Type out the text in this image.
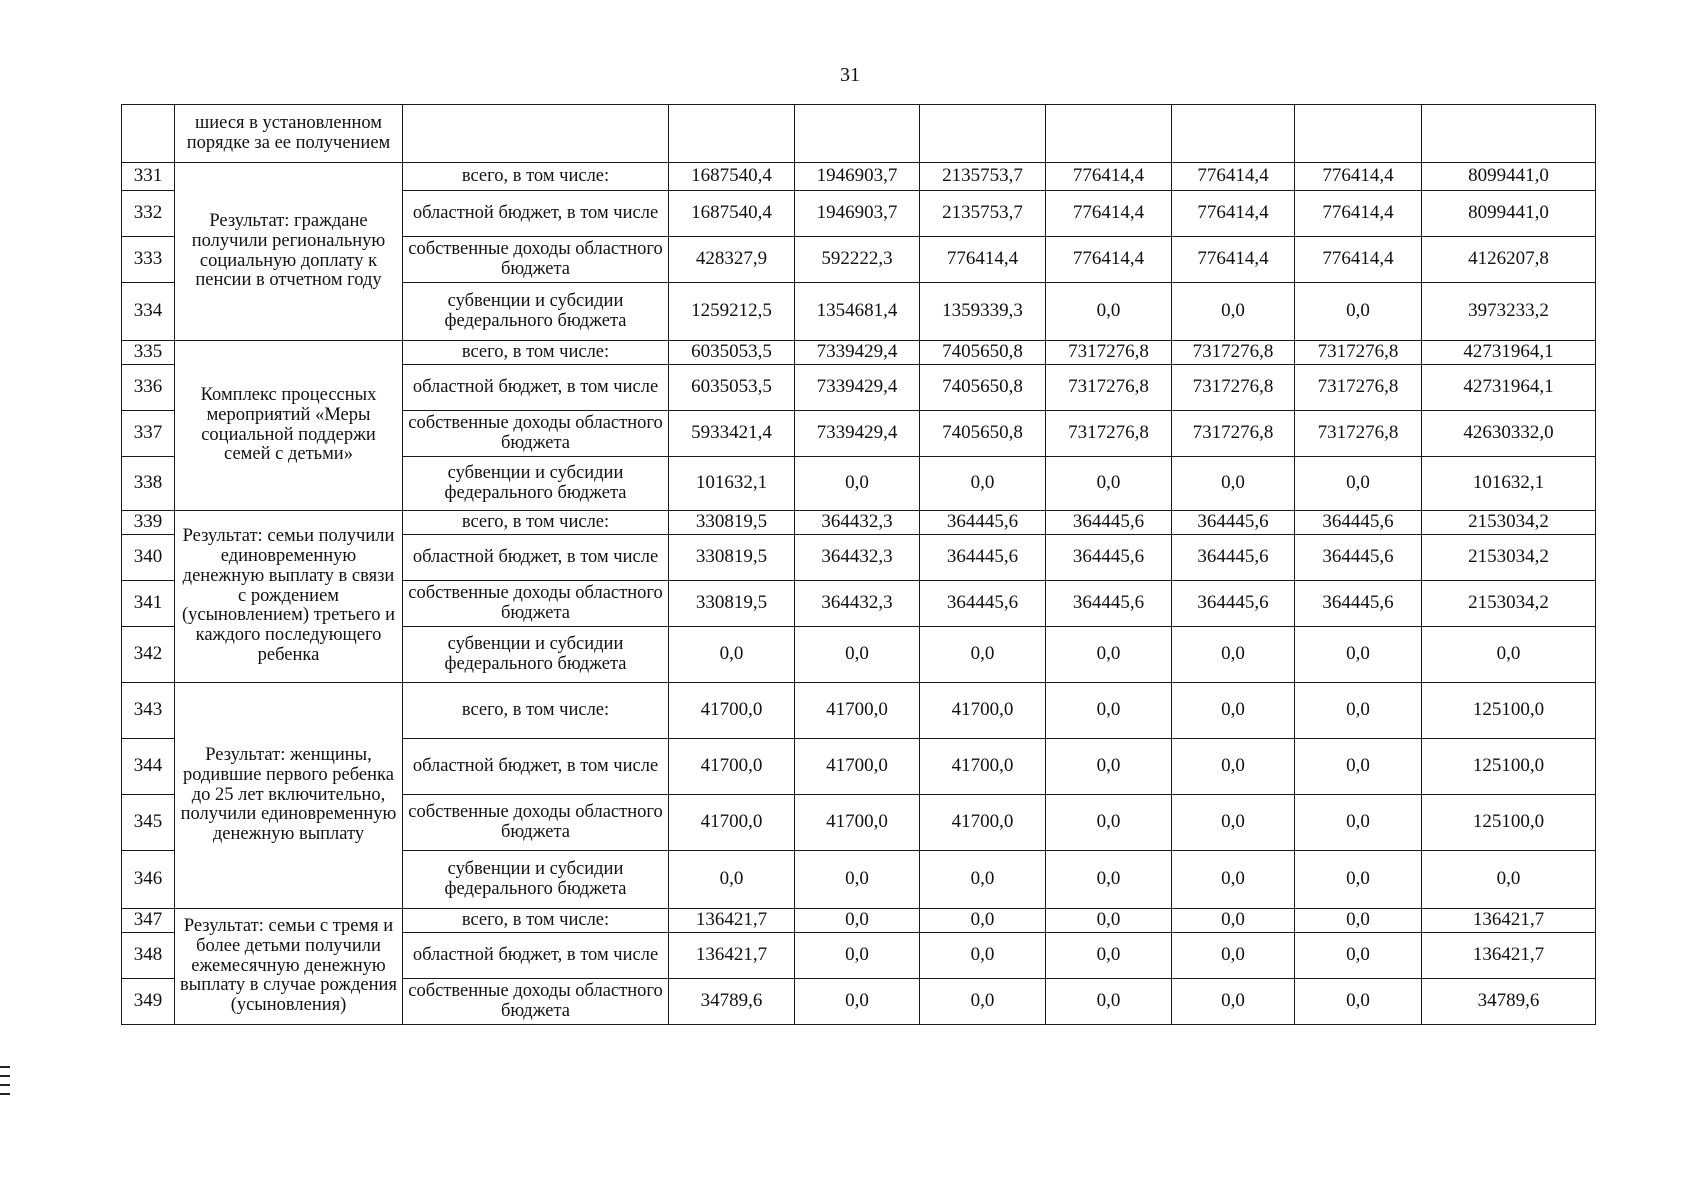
31
	шиеся в установленном порядке за ее получением								
331	Результат: граждане получили региональную социальную доплату к пенсии в отчетном году	всего, в том числе:	1687540,4	1946903,7	2135753,7	776414,4	776414,4	776414,4	8099441,0
332		областной бюджет, в том числе	1687540,4	1946903,7	2135753,7	776414,4	776414,4	776414,4	8099441,0
333		собственные доходы областного бюджета	428327,9	592222,3	776414,4	776414,4	776414,4	776414,4	4126207,8
334		субвенции и субсидии федерального бюджета	1259212,5	1354681,4	1359339,3	0,0	0,0	0,0	3973233,2
335	Комплекс процессных мероприятий «Меры социальной поддержи семей с детьми»	всего, в том числе:	6035053,5	7339429,4	7405650,8	7317276,8	7317276,8	7317276,8	42731964,1
336		областной бюджет, в том числе	6035053,5	7339429,4	7405650,8	7317276,8	7317276,8	7317276,8	42731964,1
337		собственные доходы областного бюджета	5933421,4	7339429,4	7405650,8	7317276,8	7317276,8	7317276,8	42630332,0
338		субвенции и субсидии федерального бюджета	101632,1	0,0	0,0	0,0	0,0	0,0	101632,1
339	Результат: семьи получили единовременную денежную выплату в связи с рождением (усыновлением) третьего и каждого последующего ребенка	всего, в том числе:	330819,5	364432,3	364445,6	364445,6	364445,6	364445,6	2153034,2
340		областной бюджет, в том числе	330819,5	364432,3	364445,6	364445,6	364445,6	364445,6	2153034,2
341		собственные доходы областного бюджета	330819,5	364432,3	364445,6	364445,6	364445,6	364445,6	2153034,2
342		субвенции и субсидии федерального бюджета	0,0	0,0	0,0	0,0	0,0	0,0	0,0
343	Результат: женщины, родившие первого ребенка до 25 лет включительно, получили единовременную денежную выплату	всего, в том числе:	41700,0	41700,0	41700,0	0,0	0,0	0,0	125100,0
344		областной бюджет, в том числе	41700,0	41700,0	41700,0	0,0	0,0	0,0	125100,0
345		собственные доходы областного бюджета	41700,0	41700,0	41700,0	0,0	0,0	0,0	125100,0
346		субвенции и субсидии федерального бюджета	0,0	0,0	0,0	0,0	0,0	0,0	0,0
347	Результат: семьи с тремя и более детьми получили ежемесячную денежную выплату в случае рождения (усыновления)	всего, в том числе:	136421,7	0,0	0,0	0,0	0,0	0,0	136421,7
348		областной бюджет, в том числе	136421,7	0,0	0,0	0,0	0,0	0,0	136421,7
349		собственные доходы областного бюджета	34789,6	0,0	0,0	0,0	0,0	0,0	34789,6
